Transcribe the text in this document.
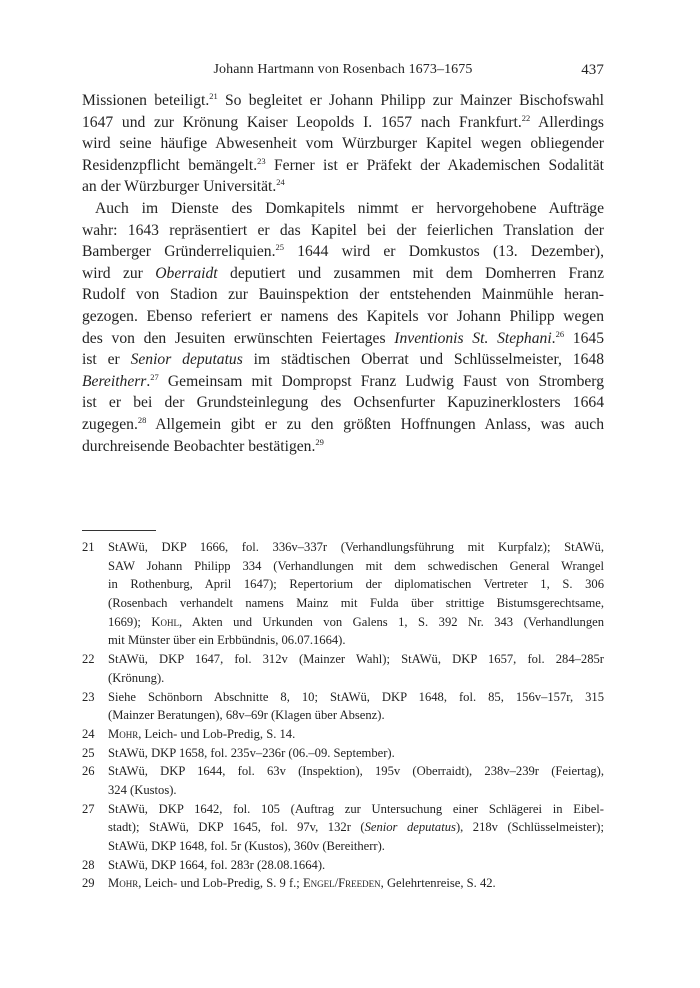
Johann Hartmann von Rosenbach 1673–1675	437
Missionen beteiligt.$^{21}$ So begleitet er Johann Philipp zur Mainzer Bischofswahl
1647 und zur Krönung Kaiser Leopolds I. 1657 nach Frankfurt.$^{22}$ Allerdings
wird seine häufige Abwesenheit vom Würzburger Kapitel wegen obliegender
Residenzpflicht bemängelt.$^{23}$ Ferner ist er Präfekt der Akademischen Sodalität
an der Würzburger Universität.$^{24}$
Auch im Dienste des Domkapitels nimmt er hervorgehobene Aufträge
wahr: 1643 repräsentiert er das Kapitel bei der feierlichen Translation der
Bamberger Gründerreliquien.$^{25}$ 1644 wird er Domkustos (13. Dezember),
wird zur Oberraidt deputiert und zusammen mit dem Domherren Franz
Rudolf von Stadion zur Bauinspektion der entstehenden Mainmühle heran-
gezogen. Ebenso referiert er namens des Kapitels vor Johann Philipp wegen
des von den Jesuiten erwünschten Feiertages Inventionis St. Stephani.$^{26}$ 1645
ist er Senior deputatus im städtischen Oberrat und Schlüsselmeister, 1648
Bereitherr.$^{27}$ Gemeinsam mit Dompropst Franz Ludwig Faust von Stromberg
ist er bei der Grundsteinlegung des Ochsenfurter Kapuzinerklosters 1664
zugegen.$^{28}$ Allgemein gibt er zu den größten Hoffnungen Anlass, was auch
durchreisende Beobachter bestätigen.$^{29}$
21 StAWü, DKP 1666, fol. 336v–337r (Verhandlungsführung mit Kurpfalz); StAWü,
SAW Johann Philipp 334 (Verhandlungen mit dem schwedischen General Wrangel
in Rothenburg, April 1647); Repertorium der diplomatischen Vertreter 1, S. 306
(Rosenbach verhandelt namens Mainz mit Fulda über strittige Bistumsgerechtsame,
1669); Kohl, Akten und Urkunden von Galens 1, S. 392 Nr. 343 (Verhandlungen
mit Münster über ein Erbbündnis, 06.07.1664).
22 StAWü, DKP 1647, fol. 312v (Mainzer Wahl); StAWü, DKP 1657, fol. 284–285r
(Krönung).
23 Siehe Schönborn Abschnitte 8, 10; StAWü, DKP 1648, fol. 85, 156v–157r, 315
(Mainzer Beratungen), 68v–69r (Klagen über Absenz).
24 Mohr, Leich- und Lob-Predig, S. 14.
25 StAWü, DKP 1658, fol. 235v–236r (06.–09. September).
26 StAWü, DKP 1644, fol. 63v (Inspektion), 195v (Oberraidt), 238v–239r (Feiertag),
324 (Kustos).
27 StAWü, DKP 1642, fol. 105 (Auftrag zur Untersuchung einer Schlägerei in Eibel-
stadt); StAWü, DKP 1645, fol. 97v, 132r (Senior deputatus), 218v (Schlüsselmeister);
StAWü, DKP 1648, fol. 5r (Kustos), 360v (Bereitherr).
28 StAWü, DKP 1664, fol. 283r (28.08.1664).
29 Mohr, Leich- und Lob-Predig, S. 9 f.; Engel/Freeden, Gelehrtenreise, S. 42.
